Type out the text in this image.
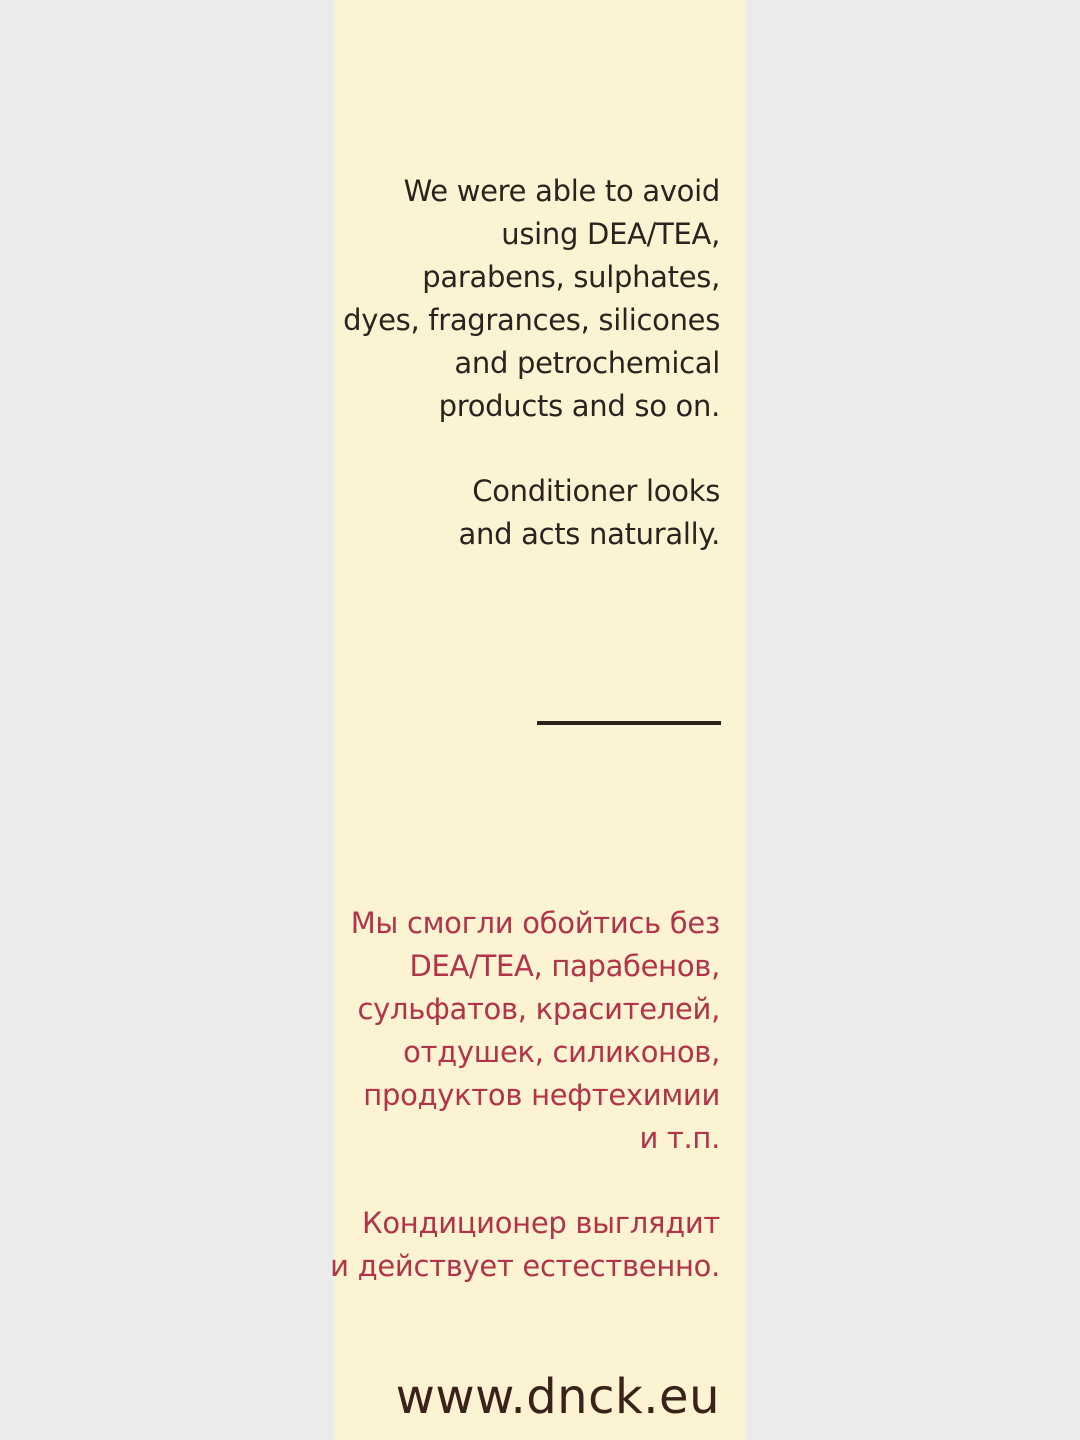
We were able to avoid
using DEA/TEA,
parabens, sulphates,
dyes, fragrances, silicones
and petrochemical
products and so on.
Conditioner looks
and acts naturally.
Мы смогли обойтись без
DEA/TEA, парабенов,
сульфатов, красителей,
отдушек, силиконов,
продуктов нефтехимии
и т.п.
Кондиционер выглядит
и действует естественно.
www.dnck.eu
